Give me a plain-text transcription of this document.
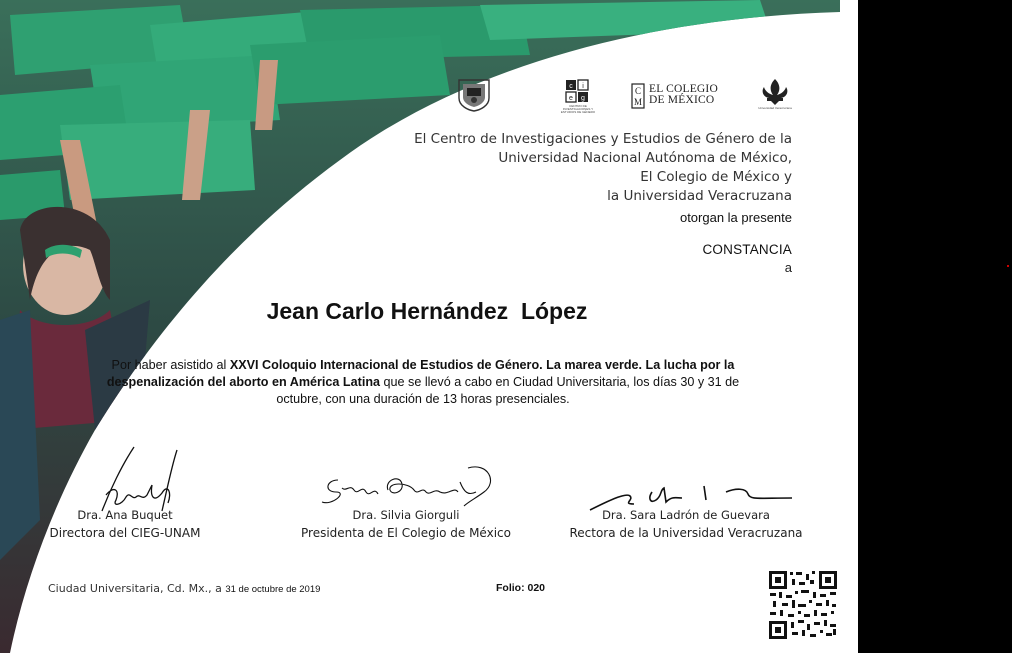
c i
e g
CENTRO DE INVESTIGACIONES Y ESTUDIOS DE GÉNERO
C
M
EL COLEGIO
DE MÉXICO
Universidad Veracruzana
El Centro de Investigaciones y Estudios de Género de la
Universidad Nacional Autónoma de México,
El Colegio de México y
la Universidad Veracruzana
otorgan la presente
CONSTANCIA
a
Jean Carlo Hernández  López
Por haber asistido al XXVI Coloquio Internacional de Estudios de Género. La marea verde. La lucha por la despenalización del aborto en América Latina que se llevó a cabo en Ciudad Universitaria, los días 30 y 31 de octubre, con una duración de 13 horas presenciales.
Dra. Ana Buquet
Directora del CIEG-UNAM
Dra. Silvia Giorguli
Presidenta de El Colegio de México
Dra. Sara Ladrón de Guevara
Rectora de la Universidad Veracruzana
Ciudad Universitaria, Cd. Mx., a 31 de octubre de 2019	Folio: 020
